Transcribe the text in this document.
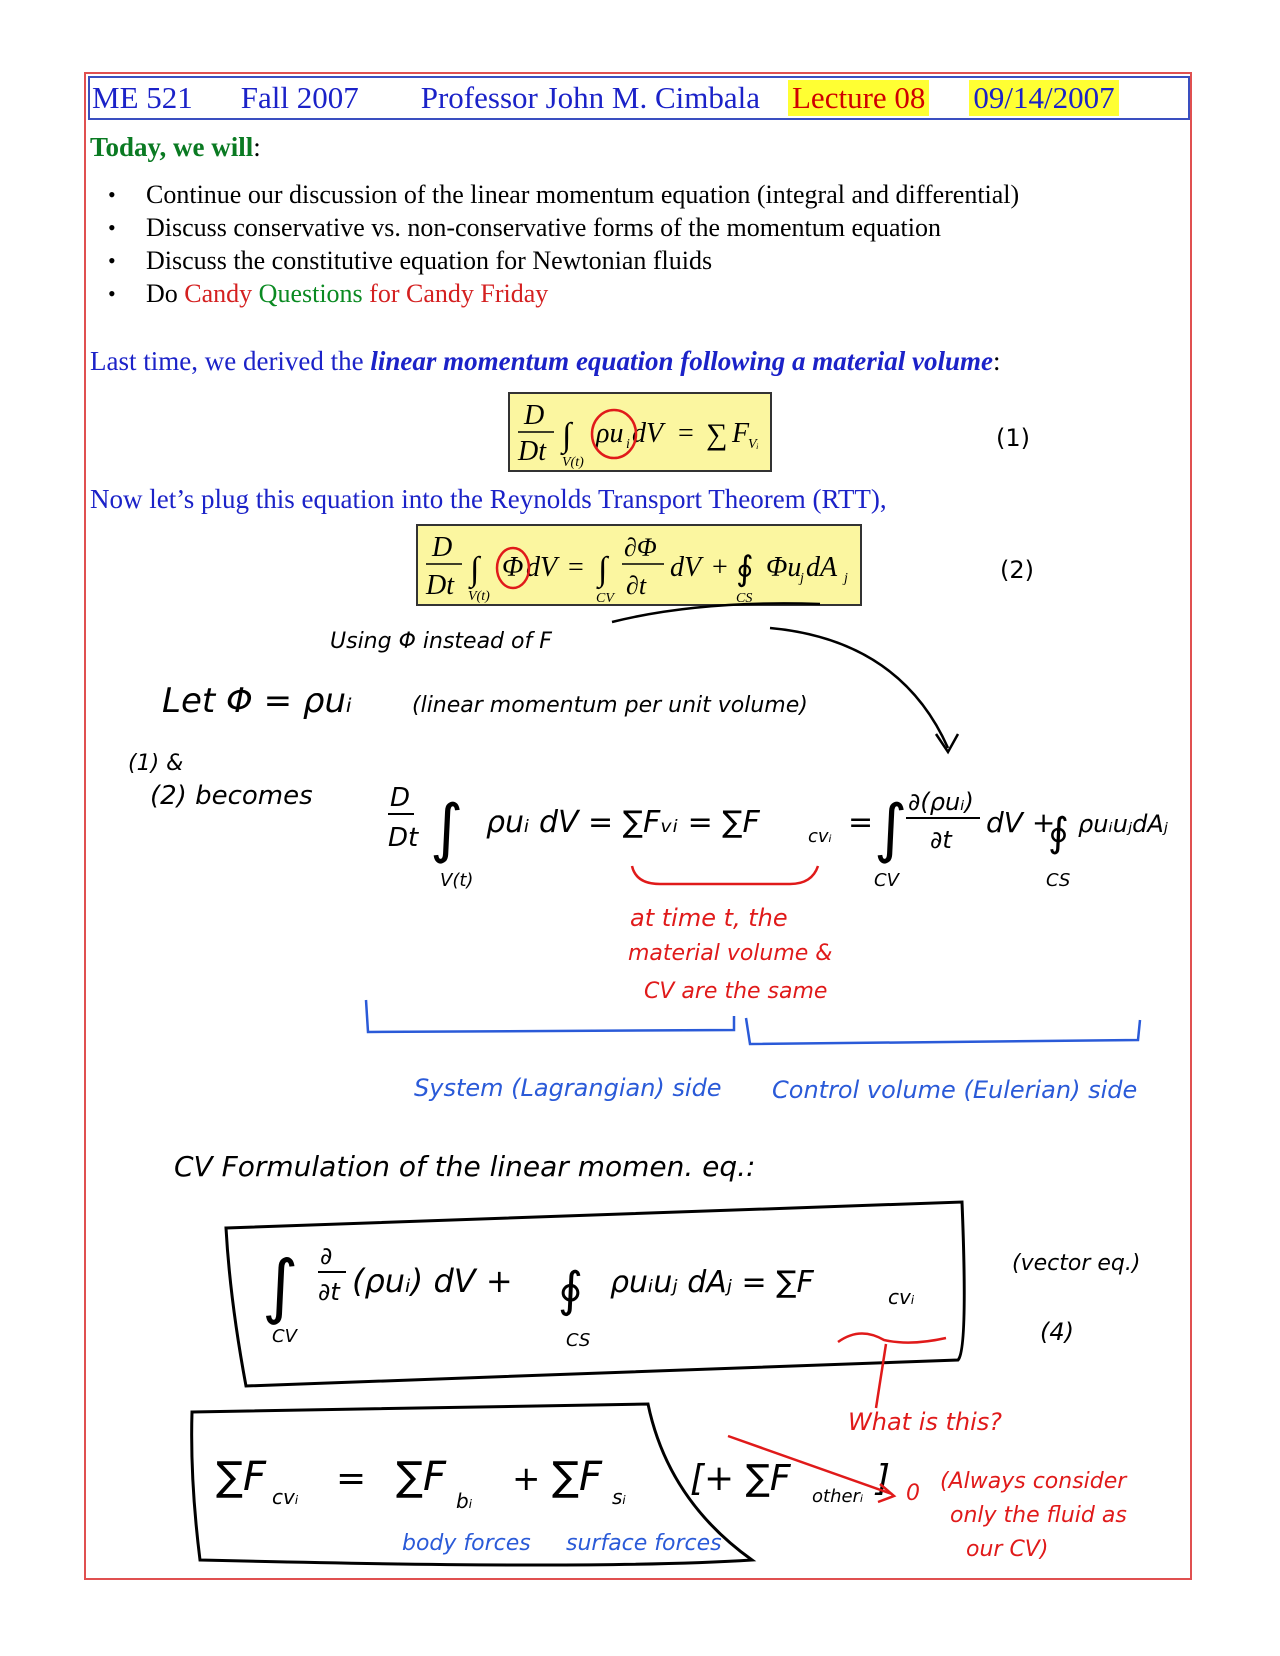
ME 521 Fall 2007 Professor John M. Cimbala Lecture 08 09/14/2007
Today, we will:
• Continue our discussion of the linear momentum equation (integral and differential)
• Discuss conservative vs. non-conservative forms of the momentum equation
• Discuss the constitutive equation for Newtonian fluids
• Do Candy Questions for Candy Friday
Last time, we derived the linear momentum equation following a material volume:
D
Dt ∫
V(t)
ρu i dV = ∑ F
Vᵢ	(1)
Now let’s plug this equation into the Reynolds Transport Theorem (RTT),
D
Dt ∫
V(t)
Φ dV = ∫
CV
∂Φ
∂t
dV + ∮
CS
Φu
j dA j	(2)
Using Φ instead of F
Let Φ = ρuᵢ	(linear momentum per unit volume)
(1) &
(2) becomes	D
Dt ∫
V(t)
ρuᵢ dV = ∑Fᵥᵢ = ∑F	cvᵢ = ∫
CV
∂(ρuᵢ)
∂t
dV +
∮
CS
ρuᵢuⱼdAⱼ
at time t, the
material volume &
CV are the same
System (Lagrangian) side Control volume (Eulerian) side
CV Formulation of the linear momen. eq.:
∫
CV
∂
∂t (ρuᵢ) dV + ∮
CS
ρuᵢuⱼ dAⱼ = ∑F	cvᵢ
(vector eq.)
(4)
What is this?
∑F cvᵢ = ∑F
bᵢ
+ ∑F sᵢ [+ ∑F otherᵢ ] 0
body forces surface forces
(Always consider
only the fluid as
our CV)
